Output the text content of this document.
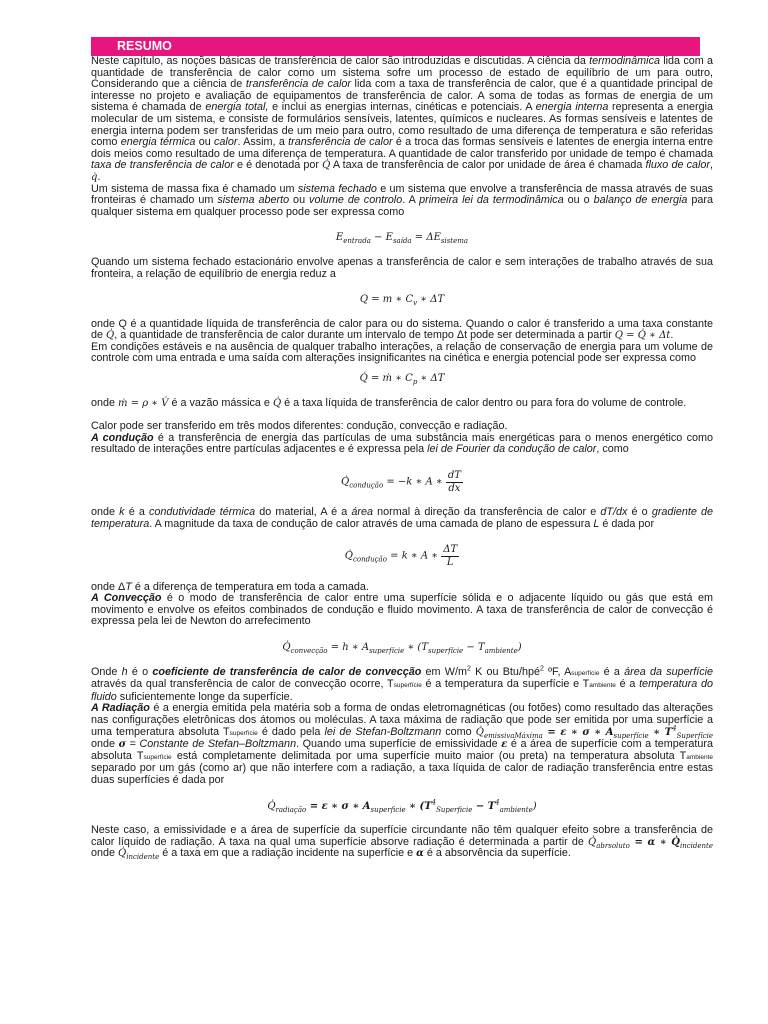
RESUMO

Neste capítulo, as noções básicas de transferência de calor são introduzidas e discutidas. A ciência da termodinâmica lida com a quantidade de transferência de calor como um sistema sofre um processo de estado de equilíbrio de um para outro, Considerando que a ciência de transferência de calor lida com a taxa de transferência de calor, que é a quantidade principal de interesse no projeto e avaliação de equipamentos de transferência de calor. A soma de todas as formas de energia de um sistema é chamada de energia total, e inclui as energias internas, cinéticas e potenciais. A energia interna representa a energia molecular de um sistema, e consiste de formulários sensíveis, latentes, químicos e nucleares. As formas sensíveis e latentes de energia interna podem ser transferidas de um meio para outro, como resultado de uma diferença de temperatura e são referidas como energia térmica ou calor. Assim, a transferência de calor é a troca das formas sensíveis e latentes de energia interna entre dois meios como resultado de uma diferença de temperatura. A quantidade de calor transferido por unidade de tempo é chamada taxa de transferência de calor e é denotada por Q̇ A taxa de transferência de calor por unidade de área é chamada fluxo de calor, q̇.

Um sistema de massa fixa é chamado um sistema fechado e um sistema que envolve a transferência de massa através de suas fronteiras é chamado um sistema aberto ou volume de controlo. A primeira lei da termodinâmica ou o balanço de energia para qualquer sistema em qualquer processo pode ser expressa como

$E_{entrada} - E_{saída} = \Delta E_{sistema}$

Quando um sistema fechado estacionário envolve apenas a transferência de calor e sem interações de trabalho através de sua fronteira, a relação de equilíbrio de energia reduz a

Q = m ∗ $C_v$ ∗ ΔT

onde Q é a quantidade líquida de transferência de calor para ou do sistema. Quando o calor é transferido a uma taxa constante de Q̇, a quantidade de transferência de calor durante um intervalo de tempo Δt pode ser determinada a partir Q = Q̇ ∗ Δt.

Em condições estáveis e na ausência de qualquer trabalho interações, a relação de conservação de energia para um volume de controle com uma entrada e uma saída com alterações insignificantes na cinética e energia potencial pode ser expressa como

Q̇ = ṁ ∗ $C_p$ ∗ ΔT

onde ṁ = ρ ∗ V̇ é a vazão mássica e Q̇ é a taxa líquida de transferência de calor dentro ou para fora do volume de controle.

Calor pode ser transferido em três modos diferentes: condução, convecção e radiação.

A condução é a transferência de energia das partículas de uma substância mais energéticas para o menos energético como resultado de interações entre partículas adjacentes e é expressa pela lei de Fourier da condução de calor, como

$Q̇_{condução} = -k$ ∗ A ∗ $\frac{dT}{dx}$

onde k é a condutividade térmica do material, A é a área normal à direção da transferência de calor e dT/dx é o gradiente de temperatura. A magnitude da taxa de condução de calor através de uma camada de plano de espessura L é dada por

$Q̇_{condução} = k$ ∗ A ∗ $\frac{\Delta T}{L}$

onde ΔT é a diferença de temperatura em toda a camada.

A Convecção é o modo de transferência de calor entre uma superfície sólida e o adjacente líquido ou gás que está em movimento e envolve os efeitos combinados de condução e fluido movimento. A taxa de transferência de calor de convecção é expressa pela lei de Newton do arrefecimento

$Q̇_{convecção} = h$ ∗ $A_{superfície}$ ∗ $(T_{superfície} - T_{ambiente})$

Onde h é o coeficiente de transferência de calor de convecção em $W/m^2$ K ou Btu/hpé$^2$ ºF, Asuperfície é a área da superfície através da qual transferência de calor de convecção ocorre, Tsuperfície é a temperatura da superfície e Tambiente é a temperatura do fluido suficientemente longe da superfície.

A Radiação é a energia emitida pela matéria sob a forma de ondas eletromagnéticas (ou fotões) como resultado das alterações nas configurações eletrônicas dos átomos ou moléculas. A taxa máxima de radiação que pode ser emitida por uma superfície a uma temperatura absoluta Tsuperfície é dado pela lei de Stefan-Boltzmann como $Q̇_{emissivaMáxima} = \varepsilon$ ∗ σ ∗ $A_{superfície}$ ∗ $T^4_{Superfície}$ onde σ = Constante de Stefan–Boltzmann. Quando uma superfície de emissividade ε é a área de superfície com a temperatura absoluta Tsuperfície está completamente delimitada por uma superfície muito maior (ou preta) na temperatura absoluta Tambiente separado por um gás (como ar) que não interfere com a radiação, a taxa líquida de calor de radiação transferência entre estas duas superfícies é dada por

$Q̇_{radiação} = \varepsilon$ ∗ σ ∗ $A_{superficie}$ ∗ $(T^4_{Superficie} - T^4_{ambiente})$

Neste caso, a emissividade e a área de superfície da superfície circundante não têm qualquer efeito sobre a transferência de calor líquido de radiação. A taxa na qual uma superfície absorve radiação é determinada a partir de $Q̇_{abrsoluto} = \alpha$ ∗ $Q̇_{incidente}$ onde $Q̇_{incidente}$ é a taxa em que a radiação incidente na superfície e α é a absorvência da superfície.
